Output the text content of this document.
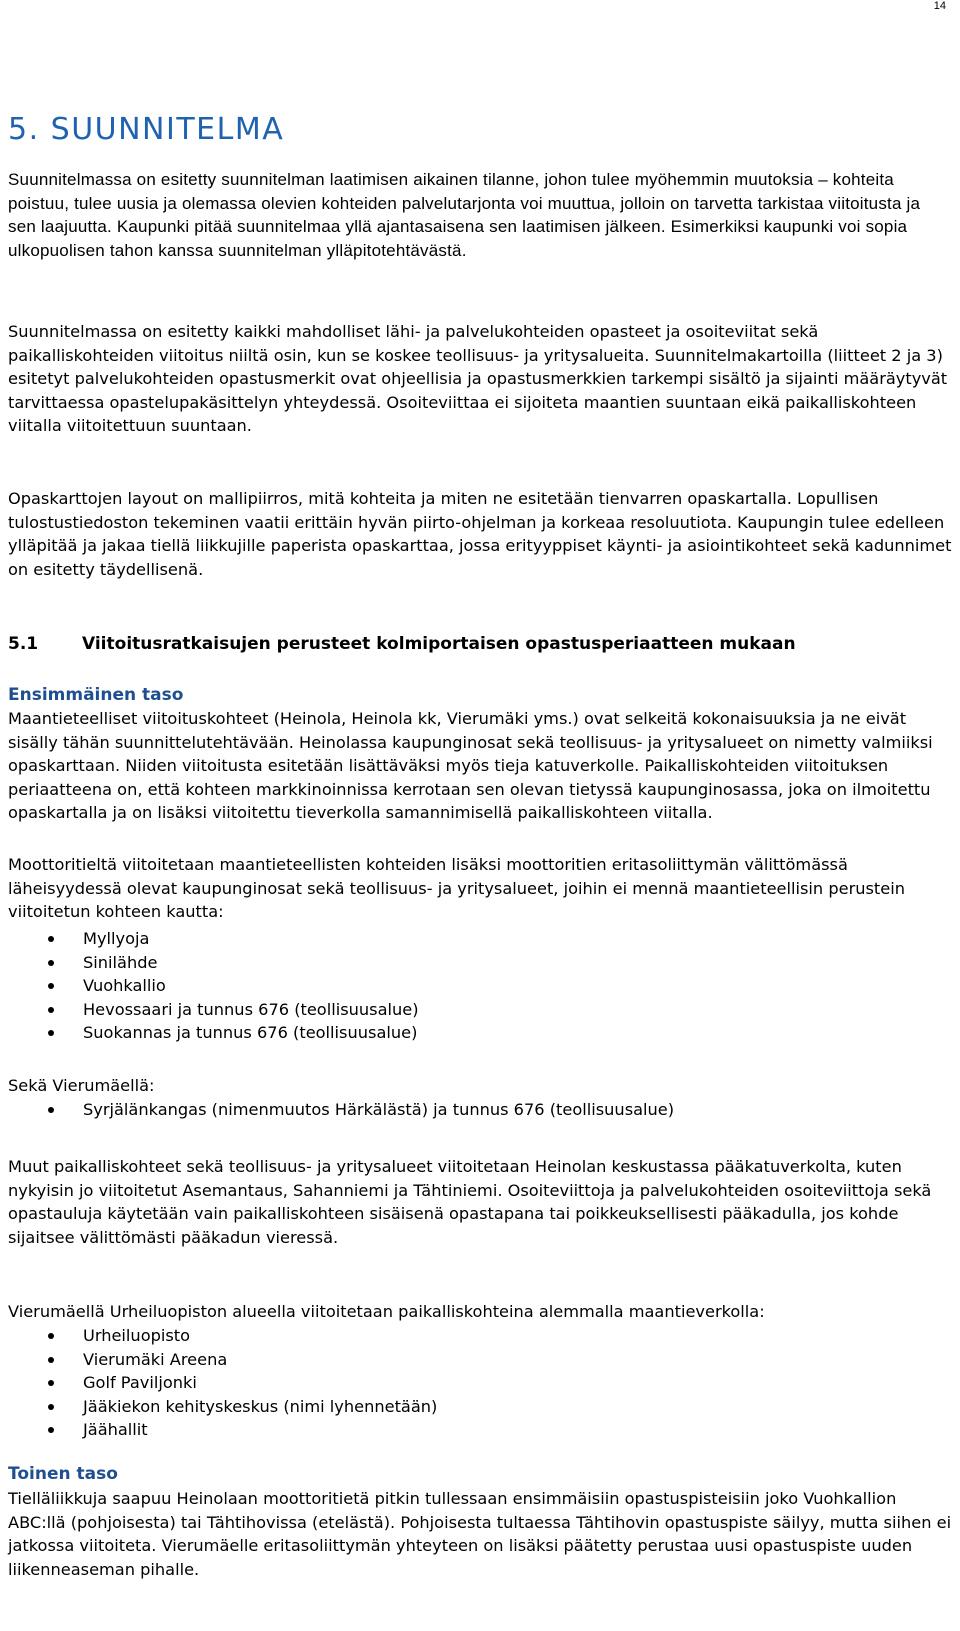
14
5. SUUNNITELMA

Suunnitelmassa on esitetty suunnitelman laatimisen aikainen tilanne, johon tulee myöhemmin muutoksia – kohteita poistuu, tulee uusia ja olemassa olevien kohteiden palvelutarjonta voi muuttua, jolloin on tarvetta tarkistaa viitoitusta ja sen laajuutta. Kaupunki pitää suunnitelmaa yllä ajantasaisena sen laatimisen jälkeen. Esimerkiksi kaupunki voi sopia ulkopuolisen tahon kanssa suunnitelman ylläpitotehtävästä.

Suunnitelmassa on esitetty kaikki mahdolliset lähi- ja palvelukohteiden opasteet ja osoiteviitat sekä paikalliskohteiden viitoitus niiltä osin, kun se koskee teollisuus- ja yritysalueita. Suunnitelmakartoilla (liitteet 2 ja 3) esitetyt palvelukohteiden opastusmerkit ovat ohjeellisia ja opastusmerkkien tarkempi sisältö ja sijainti määräytyvät tarvittaessa opastelupakäsittelyn yhteydessä. Osoiteviittaa ei sijoiteta maantien suuntaan eikä paikalliskohteen viitalla viitoitettuun suuntaan.

Opaskarttojen layout on mallipiirros, mitä kohteita ja miten ne esitetään tienvarren opaskartalla. Lopullisen tulostustiedoston tekeminen vaatii erittäin hyvän piirto-ohjelman ja korkeaa resoluutiota. Kaupungin tulee edelleen ylläpitää ja jakaa tiellä liikkujille paperista opaskarttaa, jossa erityyppiset käynti- ja asiointikohteet sekä kadunnimet on esitetty täydellisenä.

5.1	Viitoitusratkaisujen perusteet kolmiportaisen opastusperiaatteen mukaan
Ensimmäinen taso

Maantieteelliset viitoituskohteet (Heinola, Heinola kk, Vierumäki yms.) ovat selkeitä kokonaisuuksia ja ne eivät sisälly tähän suunnittelutehtävään. Heinolassa kaupunginosat sekä teollisuus- ja yritysalueet on nimetty valmiiksi opaskarttaan. Niiden viitoitusta esitetään lisättäväksi myös tieja katuverkolle. Paikalliskohteiden viitoituksen periaatteena on, että kohteen markkinoinnissa kerrotaan sen olevan tietyssä kaupunginosassa, joka on ilmoitettu opaskartalla ja on lisäksi viitoitettu tieverkolla samannimisellä paikalliskohteen viitalla.

Moottoritieltä viitoitetaan maantieteellisten kohteiden lisäksi moottoritien eritasoliittymän välittömässä läheisyydessä olevat kaupunginosat sekä teollisuus- ja yritysalueet, joihin ei mennä maantieteellisin perustein viitoitetun kohteen kautta:

Myllyoja
Sinilähde
Vuohkallio
Hevossaari ja tunnus 676 (teollisuusalue)
Suokannas ja tunnus 676 (teollisuusalue)

Sekä Vierumäellä:

Syrjälänkangas (nimenmuutos Härkälästä) ja tunnus 676 (teollisuusalue)

Muut paikalliskohteet sekä teollisuus- ja yritysalueet viitoitetaan Heinolan keskustassa pääkatuverkolta, kuten nykyisin jo viitoitetut Asemantaus, Sahanniemi ja Tähtiniemi. Osoiteviittoja ja palvelukohteiden osoiteviittoja sekä opastauluja käytetään vain paikalliskohteen sisäisenä opastapana tai poikkeuksellisesti pääkadulla, jos kohde sijaitsee välittömästi pääkadun vieressä.

Vierumäellä Urheiluopiston alueella viitoitetaan paikalliskohteina alemmalla maantieverkolla:

Urheiluopisto
Vierumäki Areena
Golf Paviljonki
Jääkiekon kehityskeskus (nimi lyhennetään)
Jäähallit
Toinen taso

Tielläliikkuja saapuu Heinolaan moottoritietä pitkin tullessaan ensimmäisiin opastuspisteisiin joko Vuohkallion ABC:llä (pohjoisesta) tai Tähtihovissa (etelästä). Pohjoisesta tultaessa Tähtihovin opastuspiste säilyy, mutta siihen ei jatkossa viitoiteta. Vierumäelle eritasoliittymän yhteyteen on lisäksi päätetty perustaa uusi opastuspiste uuden liikenneaseman pihalle.
